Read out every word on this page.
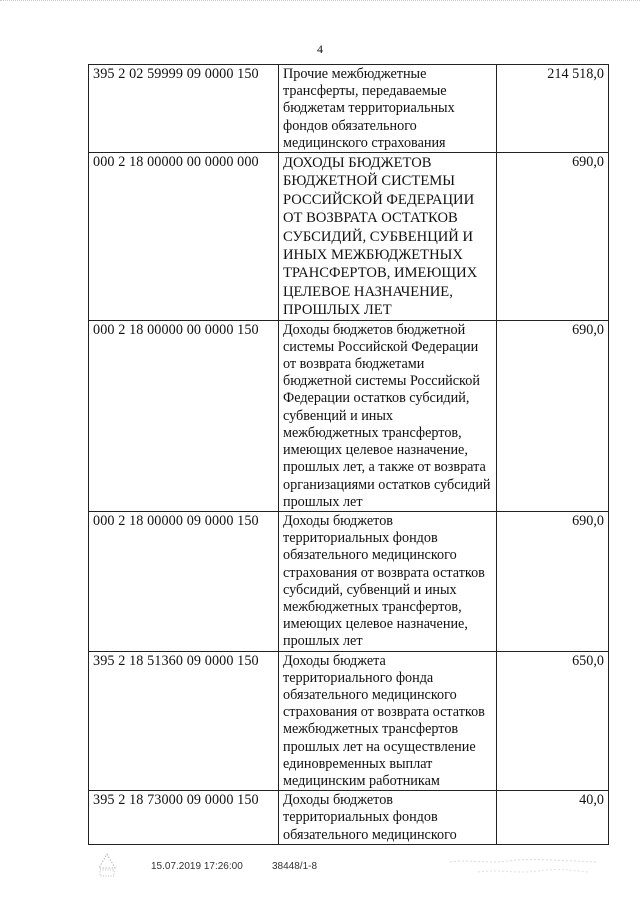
4
395 2 02 59999 09 0000 150	Прочие межбюджетные трансферты, передаваемые бюджетам территориальных фондов обязательного медицинского страхования	214 518,0
000 2 18 00000 00 0000 000	ДОХОДЫ БЮДЖЕТОВ БЮДЖЕТНОЙ СИСТЕМЫ РОССИЙСКОЙ ФЕДЕРАЦИИ ОТ ВОЗВРАТА ОСТАТКОВ СУБСИДИЙ, СУБВЕНЦИЙ И ИНЫХ МЕЖБЮДЖЕТНЫХ ТРАНСФЕРТОВ, ИМЕЮЩИХ ЦЕЛЕВОЕ НАЗНАЧЕНИЕ, ПРОШЛЫХ ЛЕТ	690,0
000 2 18 00000 00 0000 150	Доходы бюджетов бюджетной системы Российской Федерации от возврата бюджетами бюджетной системы Российской Федерации остатков субсидий, субвенций и иных межбюджетных трансфертов, имеющих целевое назначение, прошлых лет, а также от возврата организациями остатков субсидий прошлых лет	690,0
000 2 18 00000 09 0000 150	Доходы бюджетов территориальных фондов обязательного медицинского страхования от возврата остатков субсидий, субвенций и иных межбюджетных трансфертов, имеющих целевое назначение, прошлых лет	690,0
395 2 18 51360 09 0000 150	Доходы бюджета территориального фонда обязательного медицинского страхования от возврата остатков межбюджетных трансфертов прошлых лет на осуществление единовременных выплат медицинским работникам	650,0
395 2 18 73000 09 0000 150	Доходы бюджетов территориальных фондов обязательного медицинского	40,0
15.07.2019 17:26:00	38448/1-8
